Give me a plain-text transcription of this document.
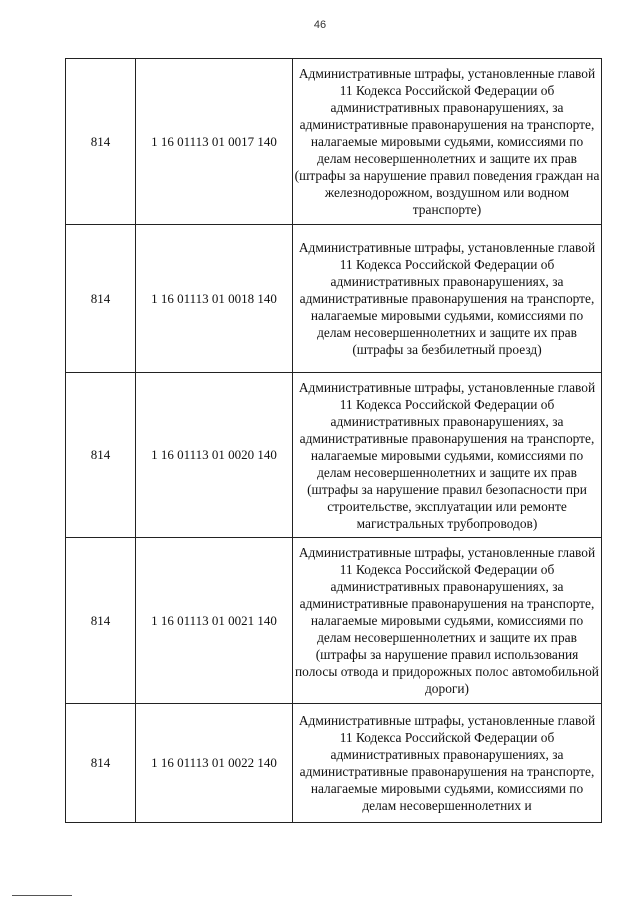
46
814	1 16 01113 01 0017 140	Административные штрафы, установленные главой 11 Кодекса Российской Федерации об административных правонарушениях, за административные правонарушения на транспорте, налагаемые мировыми судьями, комиссиями по делам несовершеннолетних и защите их прав (штрафы за нарушение правил поведения граждан на железнодорожном, воздушном или водном транспорте)
814	1 16 01113 01 0018 140	Административные штрафы, установленные главой 11 Кодекса Российской Федерации об административных правонарушениях, за административные правонарушения на транспорте, налагаемые мировыми судьями, комиссиями по делам несовершеннолетних и защите их прав (штрафы за безбилетный проезд)
814	1 16 01113 01 0020 140	Административные штрафы, установленные главой 11 Кодекса Российской Федерации об административных правонарушениях, за административные правонарушения на транспорте, налагаемые мировыми судьями, комиссиями по делам несовершеннолетних и защите их прав (штрафы за нарушение правил безопасности при строительстве, эксплуатации или ремонте магистральных трубопроводов)
814	1 16 01113 01 0021 140	Административные штрафы, установленные главой 11 Кодекса Российской Федерации об административных правонарушениях, за административные правонарушения на транспорте, налагаемые мировыми судьями, комиссиями по делам несовершеннолетних и защите их прав (штрафы за нарушение правил использования полосы отвода и придорожных полос автомобильной дороги)
814	1 16 01113 01 0022 140	Административные штрафы, установленные главой 11 Кодекса Российской Федерации об административных правонарушениях, за административные правонарушения на транспорте, налагаемые мировыми судьями, комиссиями по делам несовершеннолетних и
